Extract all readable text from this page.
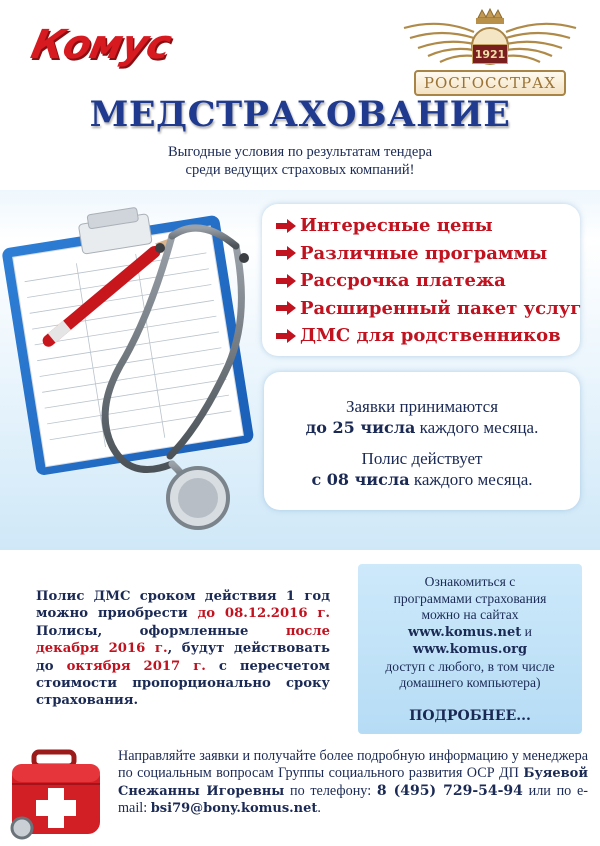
Комус	1921
РОСГОССТРАХ
МЕДСТРАХОВАНИЕ
Выгодные условия по результатам тендера
среди ведущих страховых компаний!
Интересные цены
Различные программы
Рассрочка платежа
Расширенный пакет услуг
ДМС для родственников
Заявки принимаются
до 25 числа каждого месяца.
Полис действует
с 08 числа каждого месяца.
Полис ДМС сроком действия 1 год можно приобрести до 08.12.2016 г. Полисы, оформленные после декабря 2016 г., будут действовать до октября 2017 г. с пересчетом стоимости пропорционально сроку страхования.
Ознакомиться с
программами страхования
можно на сайтах
www.komus.net и
www.komus.org
доступ с любого, в том числе
домашнего компьютера)
ПОДРОБНЕЕ...
Направляйте заявки и получайте более подробную информацию у менеджера по социальным вопросам Группы социального развития ОСР ДП Буяевой Снежанны Игоревны по телефону: 8 (495) 729-54-94 или по e-mail: bsi79@bony.komus.net.
